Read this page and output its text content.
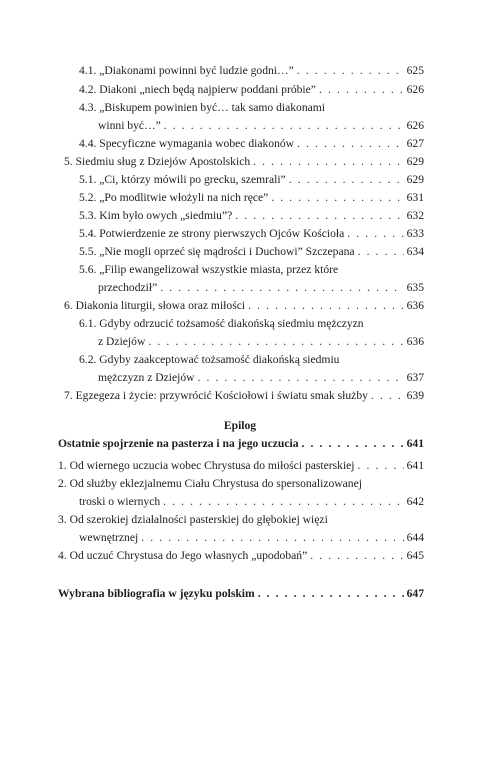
4.1. „Diakonami powinni być ludzie godni…” . . .	625
4.2. Diakoni „niech będą najpierw poddani próbie” . . .	626
4.3. „Biskupem powinien być… tak samo diakonami
winni być…” . . .	626
4.4. Specyficzne wymagania wobec diakonów . . .	627
5. Siedmiu sług z Dziejów Apostolskich . . .	629
5.1. „Ci, którzy mówili po grecku, szemrali” . . .	629
5.2. „Po modlitwie włożyli na nich ręce” . . .	631
5.3. Kim było owych „siedmiu”? . . .	632
5.4. Potwierdzenie ze strony pierwszych Ojców Kościoła . . .	633
5.5. „Nie mogli oprzeć się mądrości i Duchowi” Szczepana . . .	634
5.6. „Filip ewangelizował wszystkie miasta, przez które
przechodził” . . .	635
6. Diakonia liturgii, słowa oraz miłości . . .	636
6.1. Gdyby odrzucić tożsamość diakońską siedmiu mężczyzn
z Dziejów . . .	636
6.2. Gdyby zaakceptować tożsamość diakońską siedmiu
mężczyzn z Dziejów . . .	637
7. Egzegeza i życie: przywrócić Kościołowi i światu smak służby . . .	639
Epilog
Ostatnie spojrzenie na pasterza i na jego uczucia . . .	641
1. Od wiernego uczucia wobec Chrystusa do miłości pasterskiej . . .	641
2. Od służby eklezjalnemu Ciału Chrystusa do spersonalizowanej
troski o wiernych . . .	642
3. Od szerokiej działalności pasterskiej do głębokiej więzi
wewnętrznej . . .	644
4. Od uczuć Chrystusa do Jego własnych „upodobań” . . .	645
Wybrana bibliografia w języku polskim . . .	647
